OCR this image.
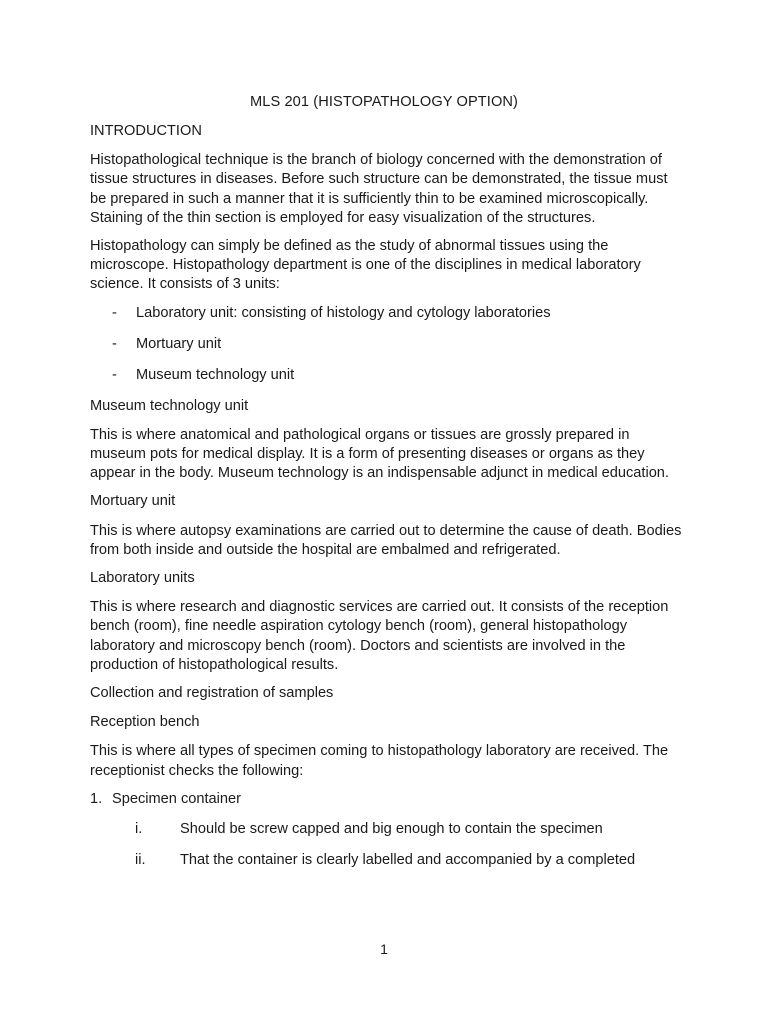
MLS 201 (HISTOPATHOLOGY OPTION)

INTRODUCTION

Histopathological technique is the branch of biology concerned with the demonstration of tissue structures in diseases. Before such structure can be demonstrated, the tissue must be prepared in such a manner that it is sufficiently thin to be examined microscopically. Staining of the thin section is employed for easy visualization of the structures.

Histopathology can simply be defined as the study of abnormal tissues using the microscope. Histopathology department is one of the disciplines in medical laboratory science. It consists of 3 units:

- Laboratory unit: consisting of histology and cytology laboratories
- Mortuary unit
- Museum technology unit

Museum technology unit

This is where anatomical and pathological organs or tissues are grossly prepared in museum pots for medical display. It is a form of presenting diseases or organs as they appear in the body. Museum technology is an indispensable adjunct in medical education.

Mortuary unit

This is where autopsy examinations are carried out to determine the cause of death. Bodies from both inside and outside the hospital are embalmed and refrigerated.

Laboratory units

This is where research and diagnostic services are carried out. It consists of the reception bench (room), fine needle aspiration cytology bench (room), general histopathology laboratory and microscopy bench (room). Doctors and scientists are involved in the production of histopathological results.

Collection and registration of samples

Reception bench

This is where all types of specimen coming to histopathology laboratory are received. The receptionist checks the following:

1. Specimen container
i.	Should be screw capped and big enough to contain the specimen
ii. That the container is clearly labelled and accompanied by a completed
1
